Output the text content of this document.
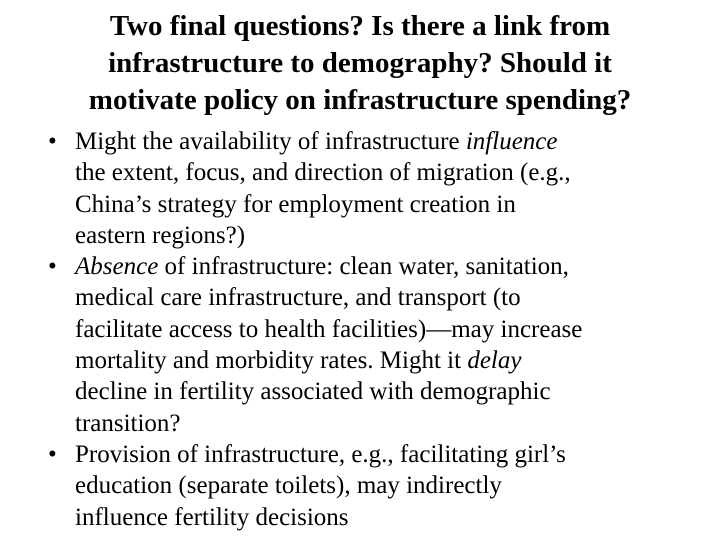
Two final questions? Is there a link from
infrastructure to demography? Should it
motivate policy on infrastructure spending?
• Might the availability of infrastructure influence
the extent, focus, and direction of migration (e.g.,
China’s strategy for employment creation in
eastern regions?)
• Absence of infrastructure: clean water, sanitation,
medical care infrastructure, and transport (to
facilitate access to health facilities)—may increase
mortality and morbidity rates. Might it delay
decline in fertility associated with demographic
transition?
• Provision of infrastructure, e.g., facilitating girl’s
education (separate toilets), may indirectly
influence fertility decisions
